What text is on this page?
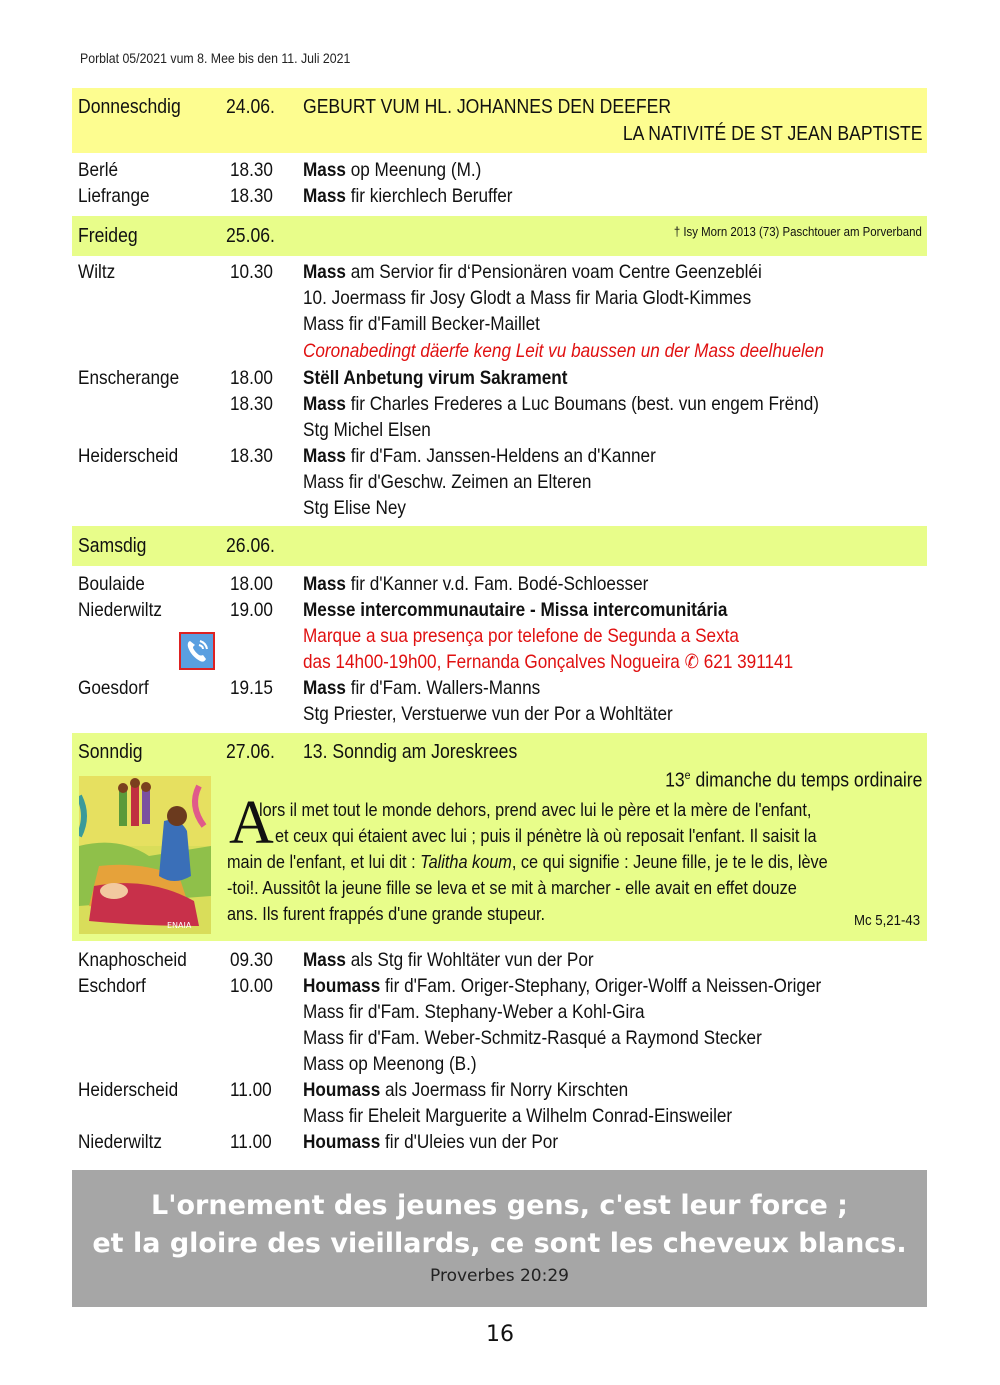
Porblat 05/2021 vum 8. Mee bis den 11. Juli 2021
Donneschdig 24.06. GEBURT VUM HL. JOHANNES DEN DEEFER
LA NATIVITÉ DE ST JEAN BAPTISTE
Berlé	18.30 Mass op Meenung (M.)
Liefrange	18.30 Mass fir kierchlech Beruffer
Freideg	25.06.	† Isy Morn 2013 (73) Paschtouer am Porverband
Wiltz	10.30 Mass am Servior fir d‘Pensionären voam Centre Geenzebléi
10. Joermass fir Josy Glodt a Mass fir Maria Glodt-Kimmes
Mass fir d'Famill Becker-Maillet
Coronabedingt däerfe keng Leit vu baussen un der Mass deelhuelen
Enscherange	18.00 Stëll Anbetung virum Sakrament
18.30 Mass fir Charles Frederes a Luc Boumans (best. vun engem Frënd)
Stg Michel Elsen
Heiderscheid	18.30 Mass fir d'Fam. Janssen-Heldens an d'Kanner
Mass fir d'Geschw. Zeimen an Elteren
Stg Elise Ney
Samsdig	26.06.
Boulaide	18.00 Mass fir d'Kanner v.d. Fam. Bodé-Schloesser
Niederwiltz	19.00 Messe intercommunautaire - Missa intercomunitária
Marque a sua presença por telefone de Segunda a Sexta
das 14h00-19h00, Fernanda Gonçalves Nogueira ✆ 621 391141
Goesdorf	19.15 Mass fir d'Fam. Wallers-Manns
Stg Priester, Verstuerwe vun der Por a Wohltäter
Sonndig	27.06. 13. Sonndig am Joreskrees
13e dimanche du temps ordinaire
ENAIA
A
lors il met tout le monde dehors, prend avec lui le père et la mère de l'enfant,
et ceux qui étaient avec lui ; puis il pénètre là où reposait l'enfant. Il saisit la
main de l'enfant, et lui dit : Talitha koum, ce qui signifie : Jeune fille, je te le dis, lève
-toi!. Aussitôt la jeune fille se leva et se mit à marcher - elle avait en effet douze
ans. Ils furent frappés d'une grande stupeur.	Mc 5,21-43
Knaphoscheid 09.30 Mass als Stg fir Wohltäter vun der Por
Eschdorf	10.00 Houmass fir d'Fam. Origer-Stephany, Origer-Wolff a Neissen-Origer
Mass fir d'Fam. Stephany-Weber a Kohl-Gira
Mass fir d'Fam. Weber-Schmitz-Rasqué a Raymond Stecker
Mass op Meenong (B.)
Heiderscheid	11.00 Houmass als Joermass fir Norry Kirschten
Mass fir Eheleit Marguerite a Wilhelm Conrad-Einsweiler
Niederwiltz	11.00 Houmass fir d'Uleies vun der Por
L'ornement des jeunes gens, c'est leur force ;
et la gloire des vieillards, ce sont les cheveux blancs.
Proverbes 20:29
16
